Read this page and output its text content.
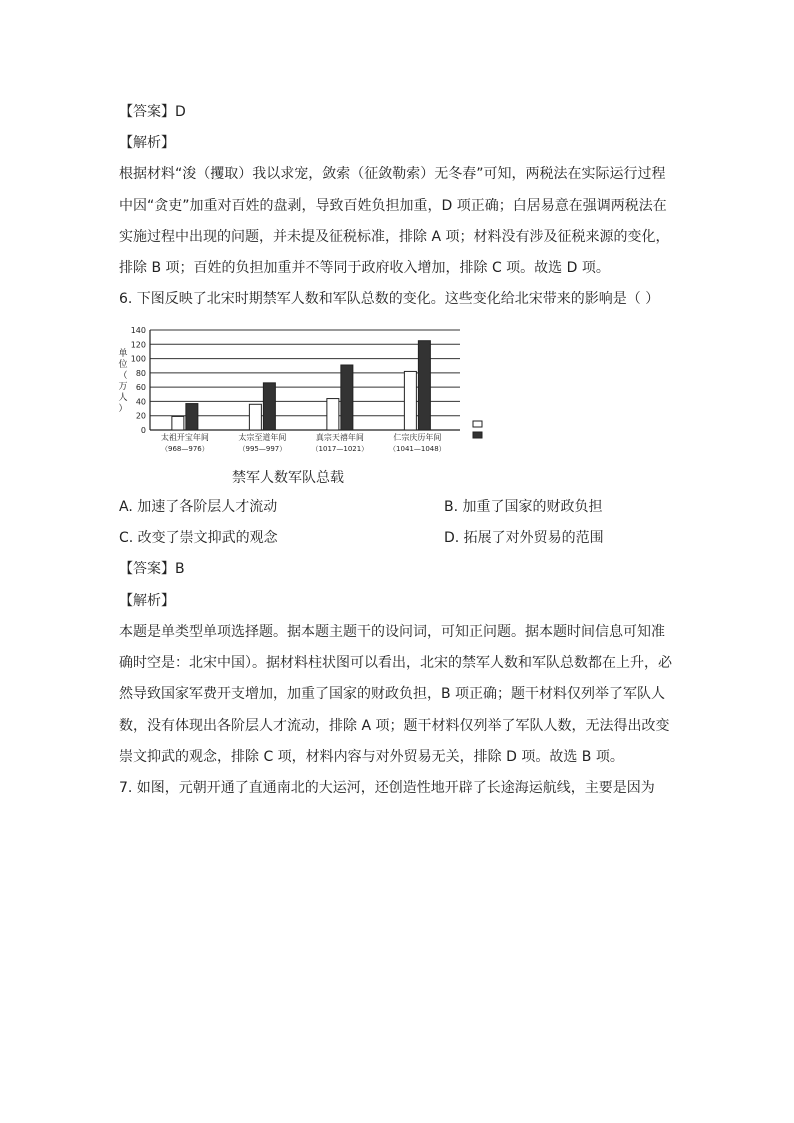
【答案】D
【解析】
根据材料“浚（攫取）我以求宠，敛索（征敛勒索）无冬春”可知，两税法在实际运行过程
中因“贪吏”加重对百姓的盘剥，导致百姓负担加重，D 项正确；白居易意在强调两税法在
实施过程中出现的问题，并未提及征税标准，排除 A 项；材料没有涉及征税来源的变化，
排除 B 项；百姓的负担加重并不等同于政府收入增加，排除 C 项。故选 D 项。
6. 下图反映了北宋时期禁军人数和军队总数的变化。这些变化给北宋带来的影响是（ ）
0
20
40
60
80
100
120
140
单
位
（
万
人
）
太祖开宝年间
（968—976）
太宗至道年间
（995—997）
真宗天禧年间
（1017—1021）
仁宗庆历年间
（1041—1048）
禁军人数军队总载
A. 加速了各阶层人才流动	B. 加重了国家的财政负担
C. 改变了崇文抑武的观念	D. 拓展了对外贸易的范围
【答案】B
【解析】
本题是单类型单项选择题。据本题主题干的设问词，可知正问题。据本题时间信息可知准
确时空是：北宋中国）。据材料柱状图可以看出，北宋的禁军人数和军队总数都在上升，必
然导致国家军费开支增加，加重了国家的财政负担，B 项正确；题干材料仅列举了军队人
数，没有体现出各阶层人才流动，排除 A 项；题干材料仅列举了军队人数，无法得出改变
崇文抑武的观念，排除 C 项，材料内容与对外贸易无关，排除 D 项。故选 B 项。
7. 如图，元朝开通了直通南北的大运河，还创造性地开辟了长途海运航线，主要是因为
